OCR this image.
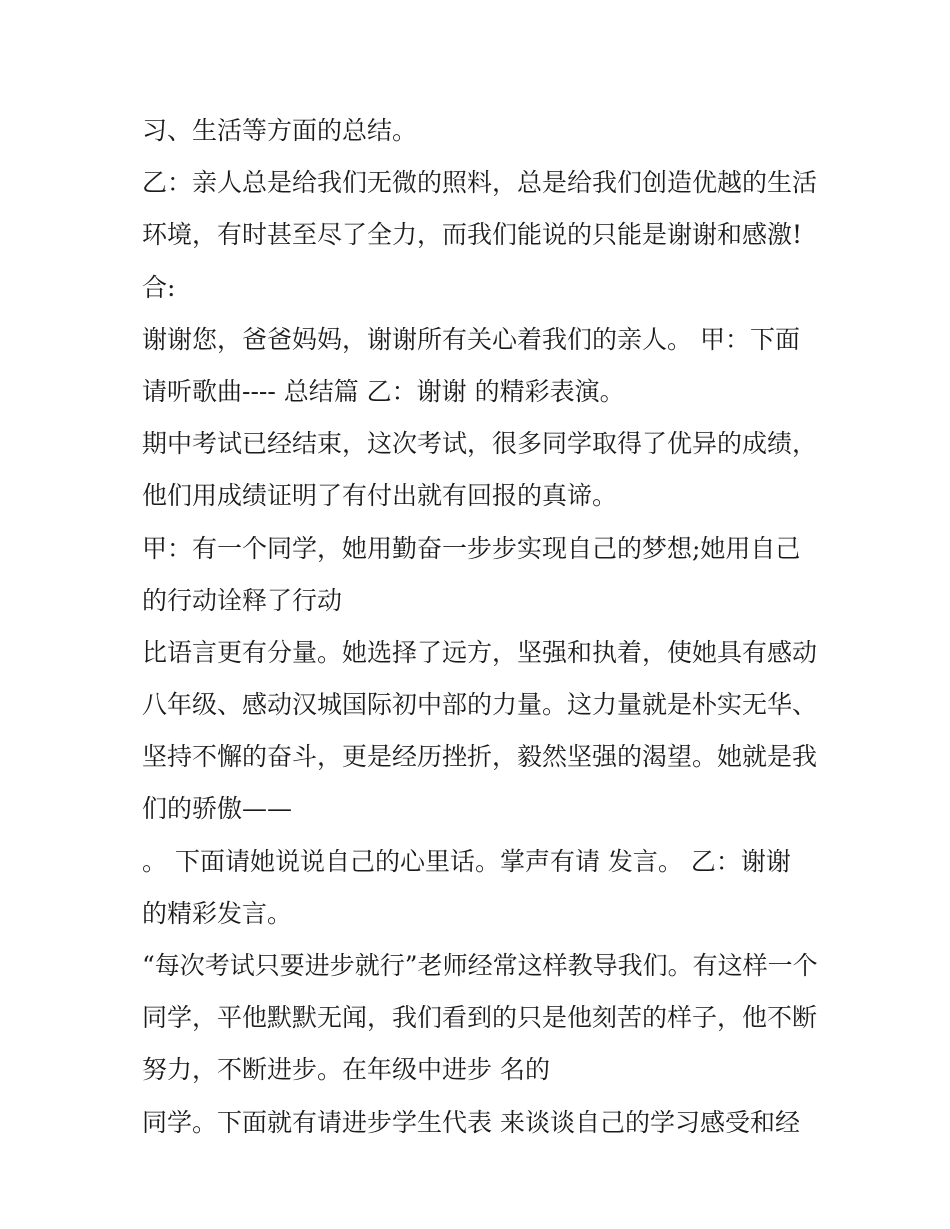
习、生活等方面的总结。
乙：亲人总是给我们无微的照料，总是给我们创造优越的生活
环境，有时甚至尽了全力，而我们能说的只能是谢谢和感激!
合:
谢谢您，爸爸妈妈，谢谢所有关心着我们的亲人。 甲：下面
请听歌曲---- 总结篇 乙：谢谢 的精彩表演。
期中考试已经结束，这次考试，很多同学取得了优异的成绩，
他们用成绩证明了有付出就有回报的真谛。
甲：有一个同学，她用勤奋一步步实现自己的梦想;她用自己
的行动诠释了行动
比语言更有分量。她选择了远方，坚强和执着，使她具有感动
八年级、感动汉城国际初中部的力量。这力量就是朴实无华、
坚持不懈的奋斗，更是经历挫折，毅然坚强的渴望。她就是我
们的骄傲——
。 下面请她说说自己的心里话。掌声有请 发言。 乙：谢谢
的精彩发言。
“每次考试只要进步就行”老师经常这样教导我们。有这样一个
同学，平他默默无闻，我们看到的只是他刻苦的样子，他不断
努力，不断进步。在年级中进步 名的
同学。下面就有请进步学生代表 来谈谈自己的学习感受和经
